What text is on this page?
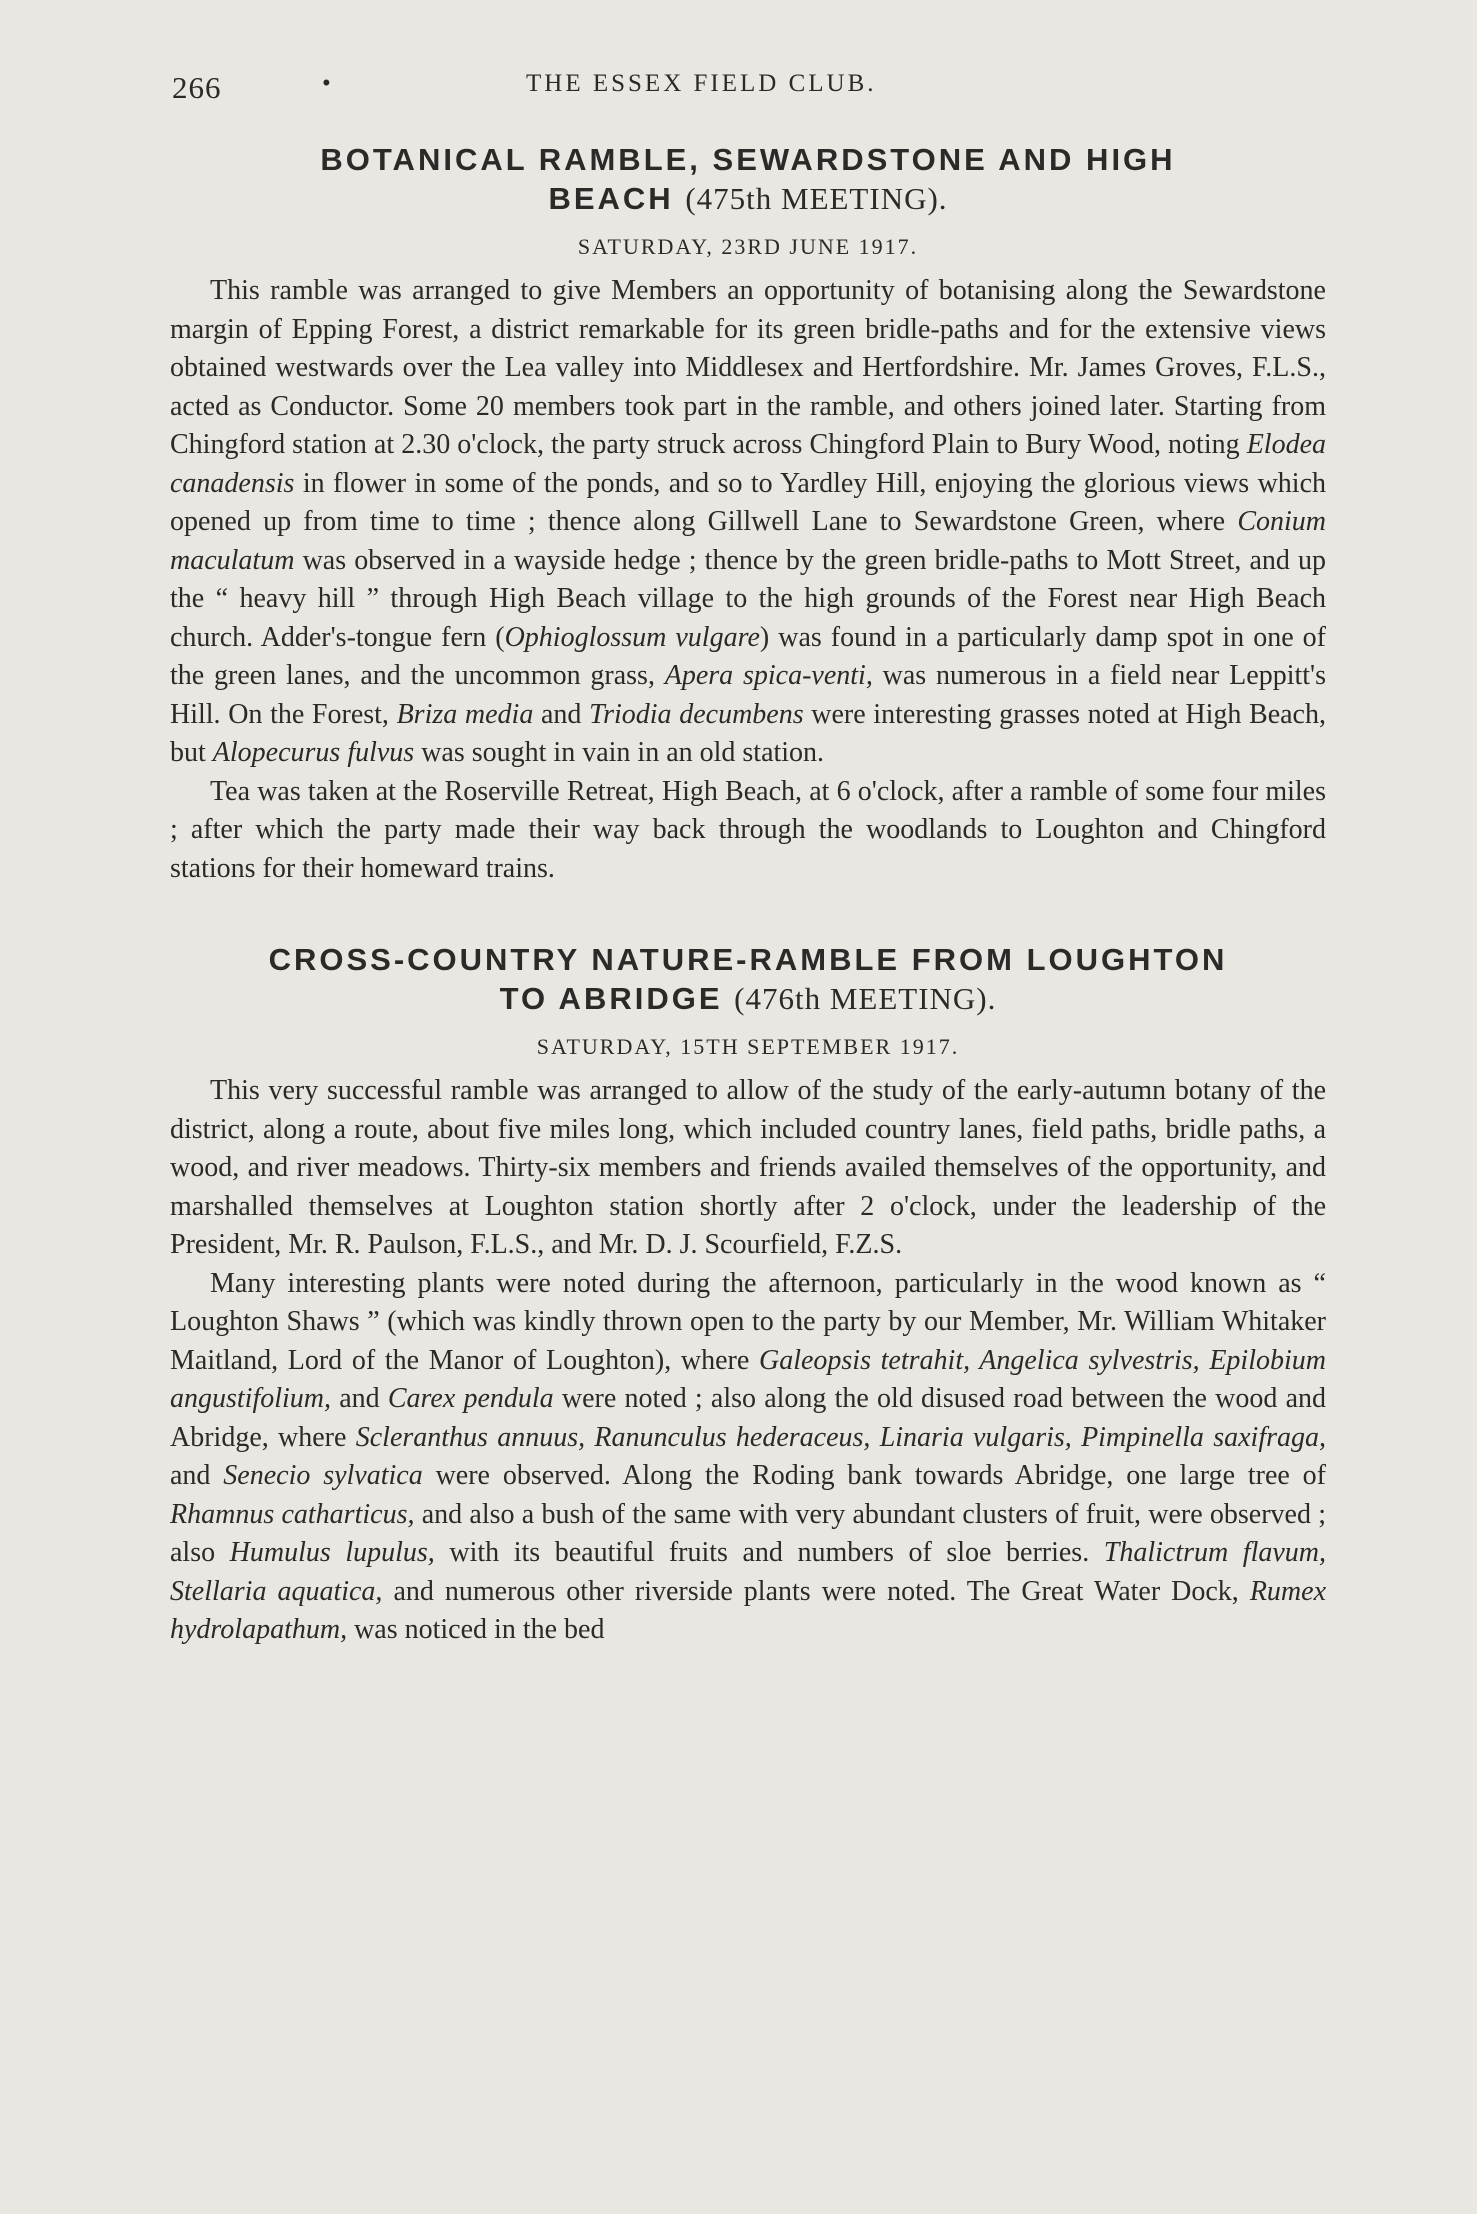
266	•	THE ESSEX FIELD CLUB.

BOTANICAL RAMBLE, SEWARDSTONE AND HIGH
BEACH (475th MEETING).

SATURDAY, 23RD JUNE 1917.

This ramble was arranged to give Members an opportunity of botanising along the Sewardstone margin of Epping Forest, a district remarkable for its green bridle-paths and for the extensive views obtained westwards over the Lea valley into Middlesex and Hertfordshire. Mr. James Groves, F.L.S., acted as Conductor. Some 20 members took part in the ramble, and others joined later. Starting from Chingford station at 2.30 o'clock, the party struck across Chingford Plain to Bury Wood, noting Elodea canadensis in flower in some of the ponds, and so to Yardley Hill, enjoying the glorious views which opened up from time to time ; thence along Gillwell Lane to Sewardstone Green, where Conium maculatum was observed in a wayside hedge ; thence by the green bridle-paths to Mott Street, and up the “ heavy hill ” through High Beach village to the high grounds of the Forest near High Beach church. Adder's-tongue fern (Ophioglossum vulgare) was found in a particularly damp spot in one of the green lanes, and the uncommon grass, Apera spica-venti, was numerous in a field near Leppitt's Hill. On the Forest, Briza media and Triodia decumbens were interesting grasses noted at High Beach, but Alopecurus fulvus was sought in vain in an old station.

Tea was taken at the Roserville Retreat, High Beach, at 6 o'clock, after a ramble of some four miles ; after which the party made their way back through the woodlands to Loughton and Chingford stations for their homeward trains.

CROSS-COUNTRY NATURE-RAMBLE FROM LOUGHTON
TO ABRIDGE (476th MEETING).

SATURDAY, 15TH SEPTEMBER 1917.

This very successful ramble was arranged to allow of the study of the early-autumn botany of the district, along a route, about five miles long, which included country lanes, field paths, bridle paths, a wood, and river meadows. Thirty-six members and friends availed themselves of the opportunity, and marshalled themselves at Loughton station shortly after 2 o'clock, under the leadership of the President, Mr. R. Paulson, F.L.S., and Mr. D. J. Scourfield, F.Z.S.

Many interesting plants were noted during the afternoon, particularly in the wood known as “ Loughton Shaws ” (which was kindly thrown open to the party by our Member, Mr. William Whitaker Maitland, Lord of the Manor of Loughton), where Galeopsis tetrahit, Angelica sylvestris, Epilobium angustifolium, and Carex pendula were noted ; also along the old disused road between the wood and Abridge, where Scleranthus annuus, Ranunculus hederaceus, Linaria vulgaris, Pimpinella saxifraga, and Senecio sylvatica were observed. Along the Roding bank towards Abridge, one large tree of Rhamnus catharticus, and also a bush of the same with very abundant clusters of fruit, were observed ; also Humulus lupulus, with its beautiful fruits and numbers of sloe berries. Thalictrum flavum, Stellaria aquatica, and numerous other riverside plants were noted. The Great Water Dock, Rumex hydrolapathum, was noticed in the bed
